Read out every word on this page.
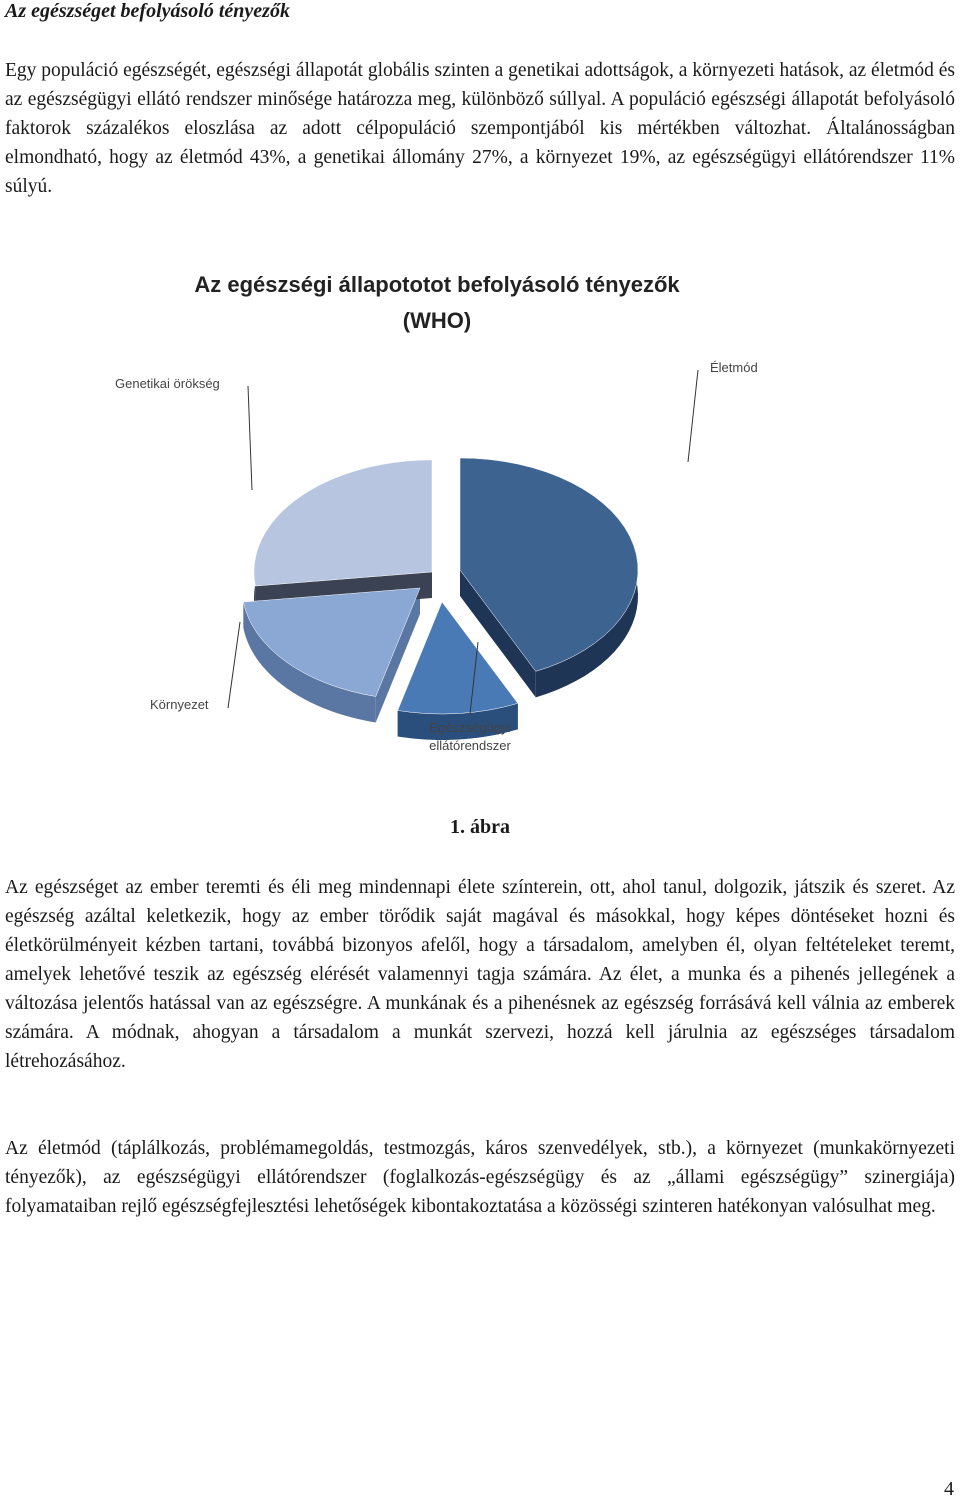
Az egészséget befolyásoló tényezők

Egy populáció egészségét, egészségi állapotát globális szinten a genetikai adottságok, a környezeti hatások, az életmód és az egészségügyi ellátó rendszer minősége határozza meg, különböző súllyal. A populáció egészségi állapotát befolyásoló faktorok százalékos eloszlása az adott célpopuláció szempontjából kis mértékben változhat. Általánosságban elmondható, hogy az életmód 43%, a genetikai állomány 27%, a környezet 19%, az egészségügyi ellátórendszer 11% súlyú.

Az egészségi állapototot befolyásoló tényezők
(WHO)
Életmód
Egészségügyi
ellátórendszer
Környezet
Genetikai örökség
1. ábra

Az egészséget az ember teremti és éli meg mindennapi élete színterein, ott, ahol tanul, dolgozik, játszik és szeret. Az egészség azáltal keletkezik, hogy az ember törődik saját magával és másokkal, hogy képes döntéseket hozni és életkörülményeit kézben tartani, továbbá bizonyos afelől, hogy a társadalom, amelyben él, olyan feltételeket teremt, amelyek lehetővé teszik az egészség elérését valamennyi tagja számára. Az élet, a munka és a pihenés jellegének a változása jelentős hatással van az egészségre. A munkának és a pihenésnek az egészség forrásává kell válnia az emberek számára. A módnak, ahogyan a társadalom a munkát szervezi, hozzá kell járulnia az egészséges társadalom létrehozásához.

Az életmód (táplálkozás, problémamegoldás, testmozgás, káros szenvedélyek, stb.), a környezet (munkakörnyezeti tényezők), az egészségügyi ellátórendszer (foglalkozás-egészségügy és az „állami egészségügy” szinergiája) folyamataiban rejlő egészségfejlesztési lehetőségek kibontakoztatása a közösségi szinteren hatékonyan valósulhat meg.

4
